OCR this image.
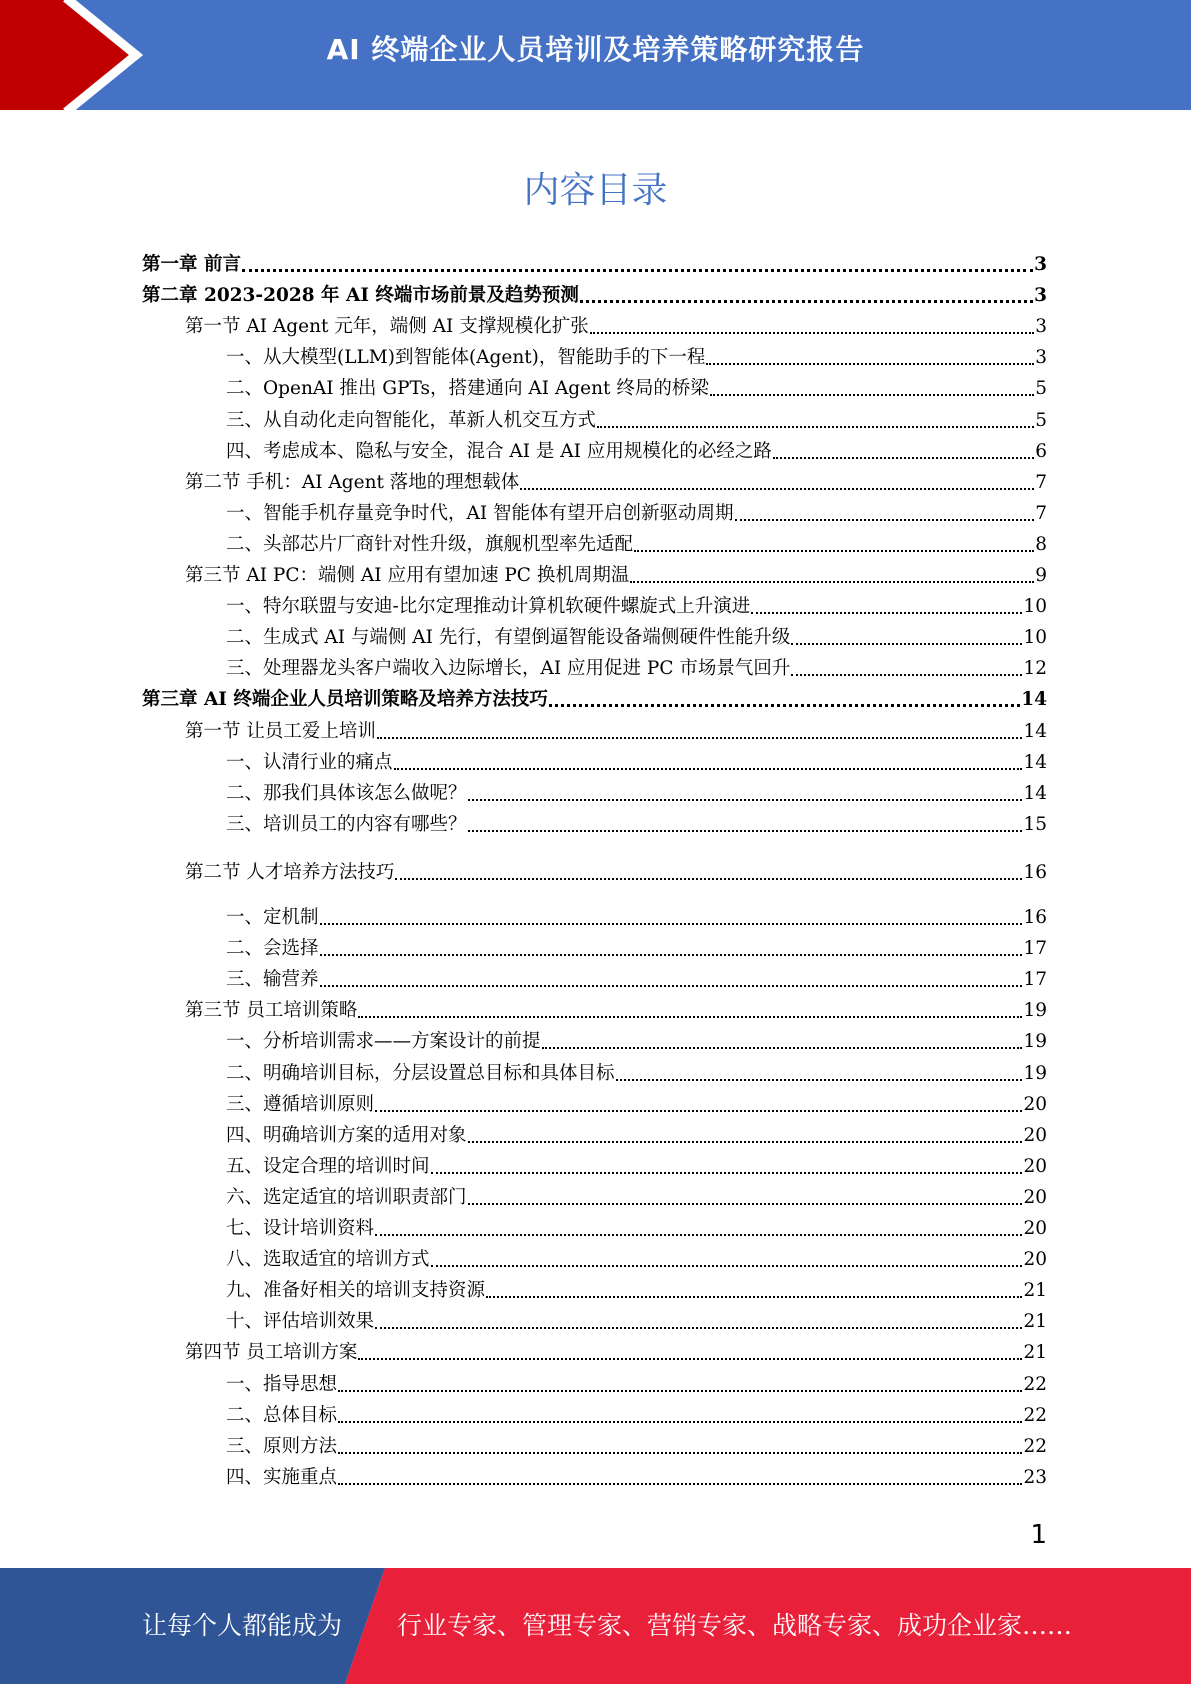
AI 终端企业人员培训及培养策略研究报告
内容目录
第一章 前言	3
第二章 2023-2028 年 AI 终端市场前景及趋势预测	3
第一节 AI Agent 元年，端侧 AI 支撑规模化扩张	3
一、从大模型(LLM)到智能体(Agent)，智能助手的下一程	3
二、OpenAI 推出 GPTs，搭建通向 AI Agent 终局的桥梁	5
三、从自动化走向智能化，革新人机交互方式	5
四、考虑成本、隐私与安全，混合 AI 是 AI 应用规模化的必经之路	6
第二节 手机：AI Agent 落地的理想载体	7
一、智能手机存量竞争时代，AI 智能体有望开启创新驱动周期	7
二、头部芯片厂商针对性升级，旗舰机型率先适配	8
第三节 AI PC：端侧 AI 应用有望加速 PC 换机周期温	9
一、特尔联盟与安迪-比尔定理推动计算机软硬件螺旋式上升演进	10
二、生成式 AI 与端侧 AI 先行，有望倒逼智能设备端侧硬件性能升级	10
三、处理器龙头客户端收入边际增长，AI 应用促进 PC 市场景气回升	12
第三章 AI 终端企业人员培训策略及培养方法技巧	14
第一节 让员工爱上培训	14
一、认清行业的痛点	14
二、那我们具体该怎么做呢？	14
三、培训员工的内容有哪些？	15
第二节 人才培养方法技巧	16
一、定机制	16
二、会选择	17
三、输营养	17
第三节 员工培训策略	19
一、分析培训需求——方案设计的前提	19
二、明确培训目标，分层设置总目标和具体目标	19
三、遵循培训原则	20
四、明确培训方案的适用对象	20
五、设定合理的培训时间	20
六、选定适宜的培训职责部门	20
七、设计培训资料	20
八、选取适宜的培训方式	20
九、准备好相关的培训支持资源	21
十、评估培训效果	21
第四节 员工培训方案	21
一、指导思想	22
二、总体目标	22
三、原则方法	22
四、实施重点	23
1
让每个人都能成为 行业专家、管理专家、营销专家、战略专家、成功企业家……
